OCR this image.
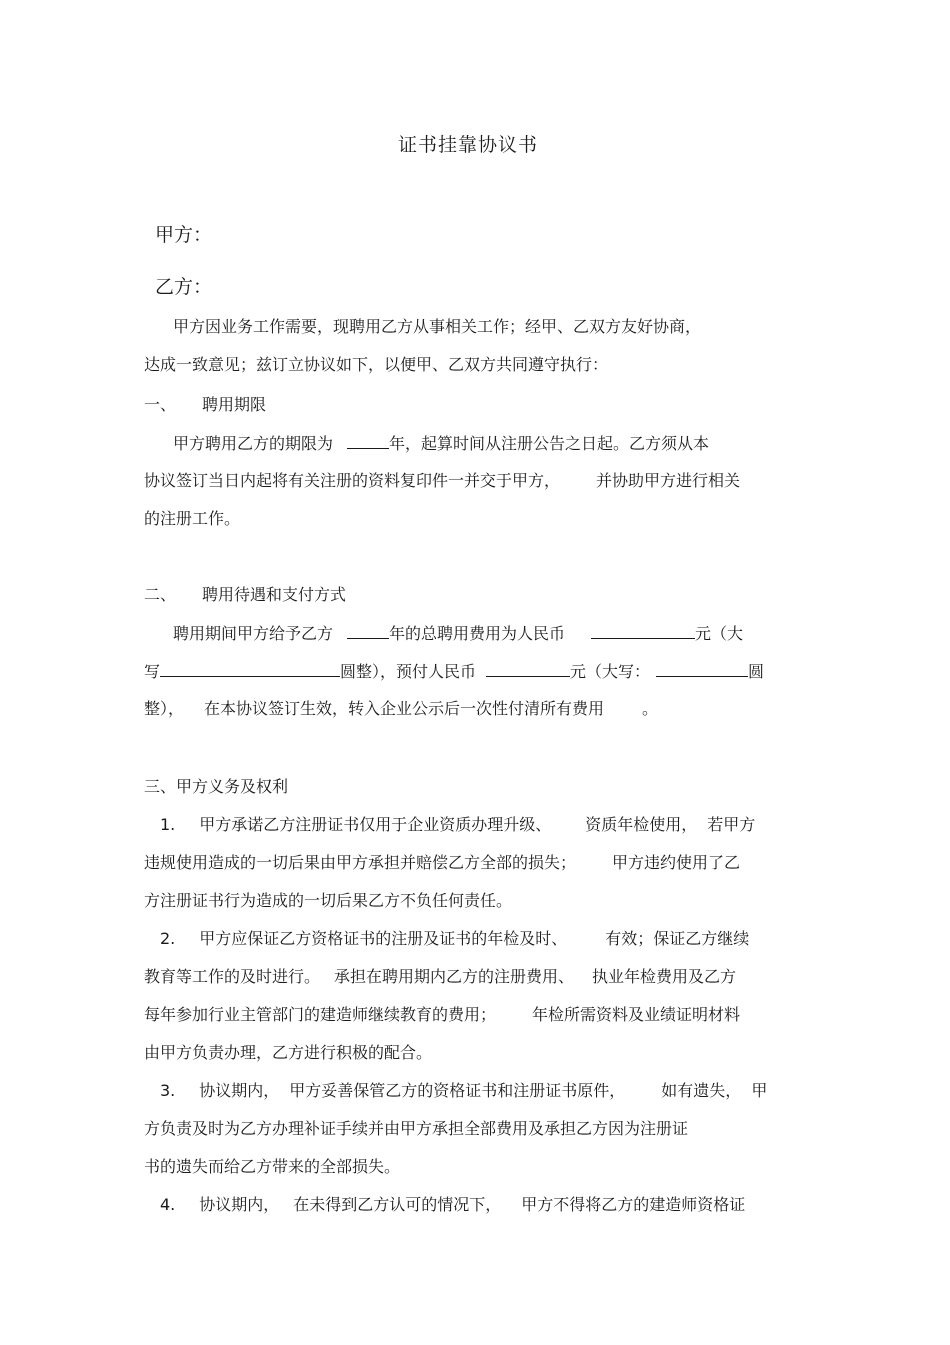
证书挂靠协议书
甲方：
乙方：
甲方因业务工作需要，现聘用乙方从事相关工作；经甲、乙双方友好协商，
达成一致意见；兹订立协议如下，以便甲、乙双方共同遵守执行：
一、 聘用期限
甲方聘用乙方的期限为	年，起算时间从注册公告之日起。乙方须从本
协议签订当日内起将有关注册的资料复印件一并交于甲方， 并协助甲方进行相关
的注册工作。
二、 聘用待遇和支付方式
聘用期间甲方给予乙方	年的总聘用费用为人民币	元（大
写	圆整），预付人民币	元（大写：	圆
整）， 在本协议签订生效，转入企业公示后一次性付清所有费用 。
三、甲方义务及权利
1. 甲方承诺乙方注册证书仅用于企业资质办理升级、 资质年检使用， 若甲方
违规使用造成的一切后果由甲方承担并赔偿乙方全部的损失； 甲方违约使用了乙
方注册证书行为造成的一切后果乙方不负任何责任。
2. 甲方应保证乙方资格证书的注册及证书的年检及时、 有效；保证乙方继续
教育等工作的及时进行。 承担在聘用期内乙方的注册费用、 执业年检费用及乙方
每年参加行业主管部门的建造师继续教育的费用； 年检所需资料及业绩证明材料
由甲方负责办理，乙方进行积极的配合。
3. 协议期内， 甲方妥善保管乙方的资格证书和注册证书原件， 如有遗失， 甲
方负责及时为乙方办理补证手续并由甲方承担全部费用及承担乙方因为注册证
书的遗失而给乙方带来的全部损失。
4. 协议期内， 在未得到乙方认可的情况下， 甲方不得将乙方的建造师资格证
